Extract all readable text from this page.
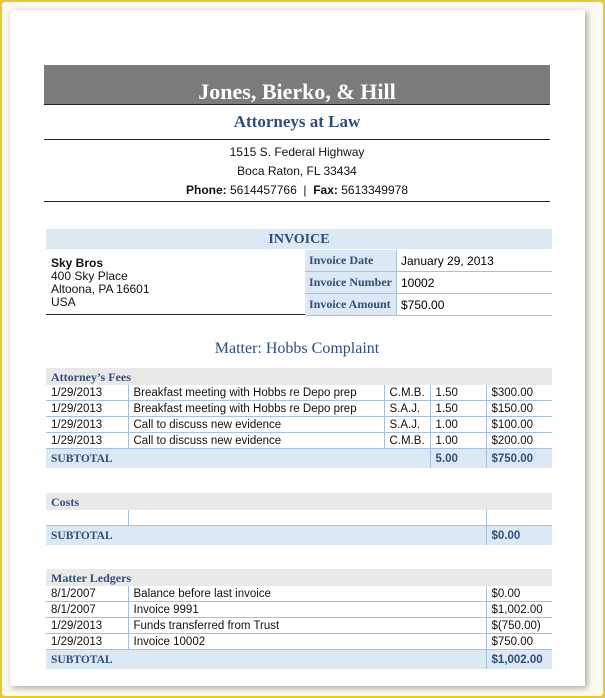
Jones, Bierko, & Hill
Attorneys at Law
1515 S. Federal Highway
Boca Raton, FL 33434
Phone: 5614457766 | Fax: 5613349978
INVOICE
Sky Bros
400 Sky Place
Altoona, PA 16601
USA
Invoice Date	January 29, 2013
Invoice Number	10002
Invoice Amount	$750.00
Matter: Hobbs Complaint
Attorney’s Fees
1/29/2013	Breakfast meeting with Hobbs re Depo prep	C.M.B.	1.50	$300.00
1/29/2013	Breakfast meeting with Hobbs re Depo prep	S.A.J.	1.50	$150.00
1/29/2013	Call to discuss new evidence	S.A.J.	1.00	$100.00
1/29/2013	Call to discuss new evidence	C.M.B.	1.00	$200.00
SUBTOTAL			5.00	$750.00
Costs

SUBTOTAL		$0.00
Matter Ledgers
8/1/2007	Balance before last invoice	$0.00
8/1/2007	Invoice 9991	$1,002.00
1/29/2013	Funds transferred from Trust	$(750.00)
1/29/2013	Invoice 10002	$750.00
SUBTOTAL		$1,002.00
